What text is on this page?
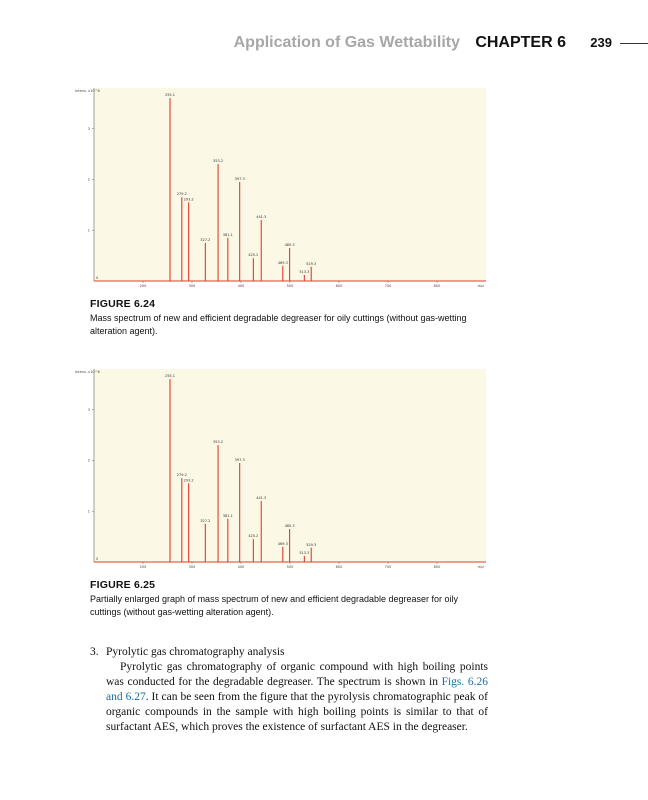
Application of Gas Wettability CHAPTER 6 239
Intens. x10^6
1
2
3
0
200	300	400	500	600	700	800	m/z
255.1
279.2
293.2
327.2
353.2
381.1
397.3
425.2
441.3
469.3
485.3
513.3
529.3

FIGURE 6.24

Mass spectrum of new and efficient degradable degreaser for oily cuttings (without gas-wetting alteration agent).

Intens. x10^6
1
2
3
0
200	300	400	500	600	700	800	m/z
255.1
279.2
293.2
327.2
353.2
381.1
397.3
425.2
441.3
469.3
485.3
513.3
529.3

FIGURE 6.25

Partially enlarged graph of mass spectrum of new and efficient degradable degreaser for oily cuttings (without gas-wetting alteration agent).

3. Pyrolytic gas chromatography analysis

Pyrolytic gas chromatography of organic compound with high boiling points was conducted for the degradable degreaser. The spectrum is shown in Figs. 6.26 and 6.27. It can be seen from the figure that the pyrolysis chromatographic peak of organic compounds in the sample with high boiling points is similar to that of surfactant AES, which proves the existence of surfactant AES in the degreaser.
